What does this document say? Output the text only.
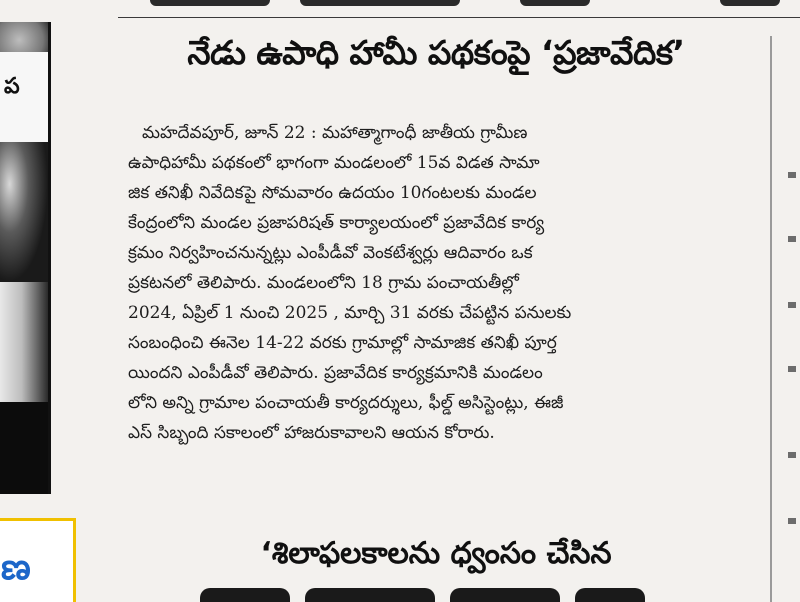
ప
ణ
నేడు ఉపాధి హామీ పథకంపై ‘ప్రజావేదిక’
మహదేవపూర్, జూన్ 22 : మహాత్మాగాంధీ జాతీయ గ్రామీణ
ఉపాధిహామీ పథకంలో భాగంగా మండలంలో 15వ విడత సామా
జిక తనిఖీ నివేదికపై సోమవారం ఉదయం 10గంటలకు మండల
కేంద్రంలోని మండల ప్రజాపరిషత్ కార్యాలయంలో ప్రజావేదిక కార్య
క్రమం నిర్వహించనున్నట్లు ఎంపీడీవో వెంకటేశ్వర్లు ఆదివారం ఒక
ప్రకటనలో తెలిపారు. మండలంలోని 18 గ్రామ పంచాయతీల్లో
2024, ఏప్రిల్ 1 నుంచి 2025 , మార్చి 31 వరకు చేపట్టిన పనులకు
సంబంధించి ఈనెల 14-22 వరకు గ్రామాల్లో సామాజిక తనిఖీ పూర్త
యిందని ఎంపీడీవో తెలిపారు. ప్రజావేదిక కార్యక్రమానికి మండలం
లోని అన్ని గ్రామాల పంచాయతీ కార్యదర్శులు, ఫీల్డ్ అసిస్టెంట్లు, ఈజీ
ఎస్ సిబ్బంది సకాలంలో హాజరుకావాలని ఆయన కోరారు.
‘శిలాఫలకాలను ధ్వంసం చేసిన
